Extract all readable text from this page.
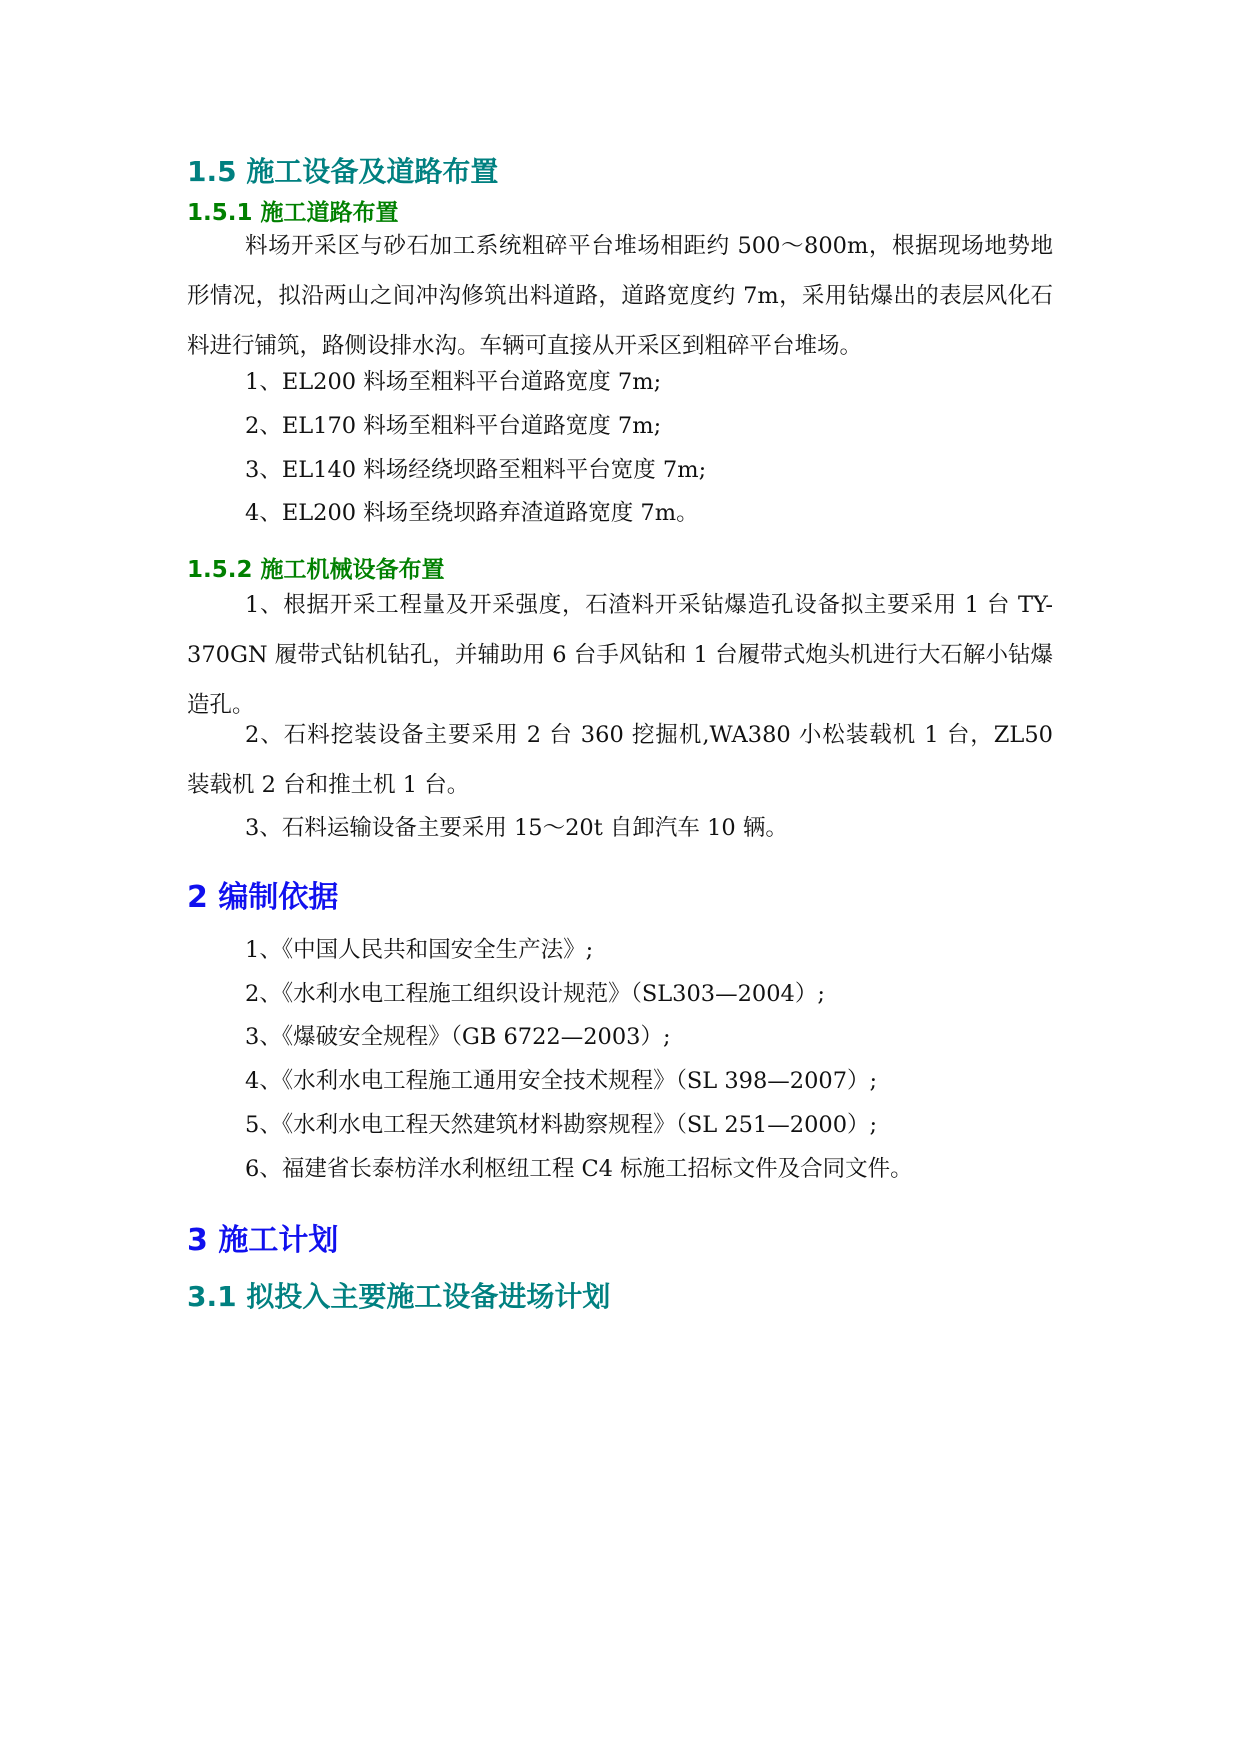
1.5 施工设备及道路布置
1.5.1 施工道路布置
料场开采区与砂石加工系统粗碎平台堆场相距约 500～800m，根据现场地势地形情况，拟沿两山之间冲沟修筑出料道路，道路宽度约 7m，采用钻爆出的表层风化石料进行铺筑，路侧设排水沟。车辆可直接从开采区到粗碎平台堆场。
1、EL200 料场至粗料平台道路宽度 7m;
2、EL170 料场至粗料平台道路宽度 7m;
3、EL140 料场经绕坝路至粗料平台宽度 7m;
4、EL200 料场至绕坝路弃渣道路宽度 7m。
1.5.2 施工机械设备布置
1、根据开采工程量及开采强度，石渣料开采钻爆造孔设备拟主要采用 1 台 TY-370GN 履带式钻机钻孔，并辅助用 6 台手风钻和 1 台履带式炮头机进行大石解小钻爆造孔。
2、石料挖装设备主要采用 2 台 360 挖掘机,WA380 小松装载机 1 台，ZL50 装载机 2 台和推土机 1 台。
3、石料运输设备主要采用 15～20t 自卸汽车 10 辆。
2 编制依据
1、《中国人民共和国安全生产法》;
2、《水利水电工程施工组织设计规范》（SL303—2004）;
3、《爆破安全规程》（GB 6722—2003）;
4、《水利水电工程施工通用安全技术规程》（SL 398—2007）;
5、《水利水电工程天然建筑材料勘察规程》（SL 251—2000）;
6、福建省长泰枋洋水利枢纽工程 C4 标施工招标文件及合同文件。
3 施工计划
3.1 拟投入主要施工设备进场计划
